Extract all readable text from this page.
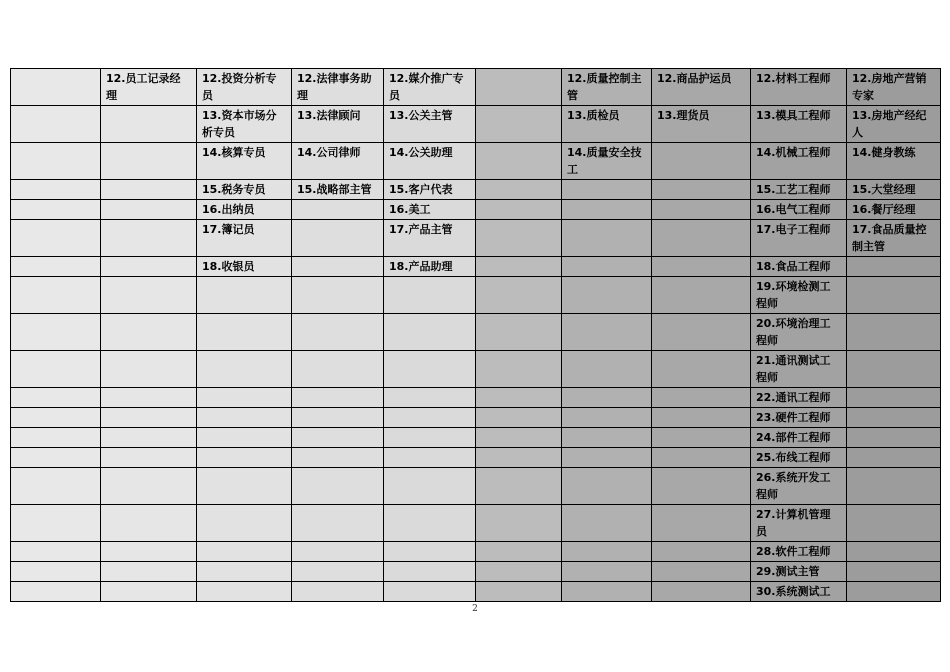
	12.员工记录经理	12.投资分析专员	12.法律事务助理	12.媒介推广专员		12.质量控制主管	12.商品护运员	12.材料工程师	12.房地产营销专家
		13.资本市场分析专员	13.法律顾问	13.公关主管		13.质检员	13.理货员	13.模具工程师	13.房地产经纪人
		14.核算专员	14.公司律师	14.公关助理		14.质量安全技工		14.机械工程师	14.健身教练
		15.税务专员	15.战略部主管	15.客户代表				15.工艺工程师	15.大堂经理
		16.出纳员		16.美工				16.电气工程师	16.餐厅经理
		17.簿记员		17.产品主管				17.电子工程师	17.食品质量控制主管
		18.收银员		18.产品助理				18.食品工程师	
								19.环境检测工程师	
								20.环境治理工程师	
								21.通讯测试工程师	
								22.通讯工程师	
								23.硬件工程师	
								24.部件工程师	
								25.布线工程师	
								26.系统开发工程师	
								27.计算机管理员	
								28.软件工程师	
								29.测试主管	
								30.系统测试工	
2
